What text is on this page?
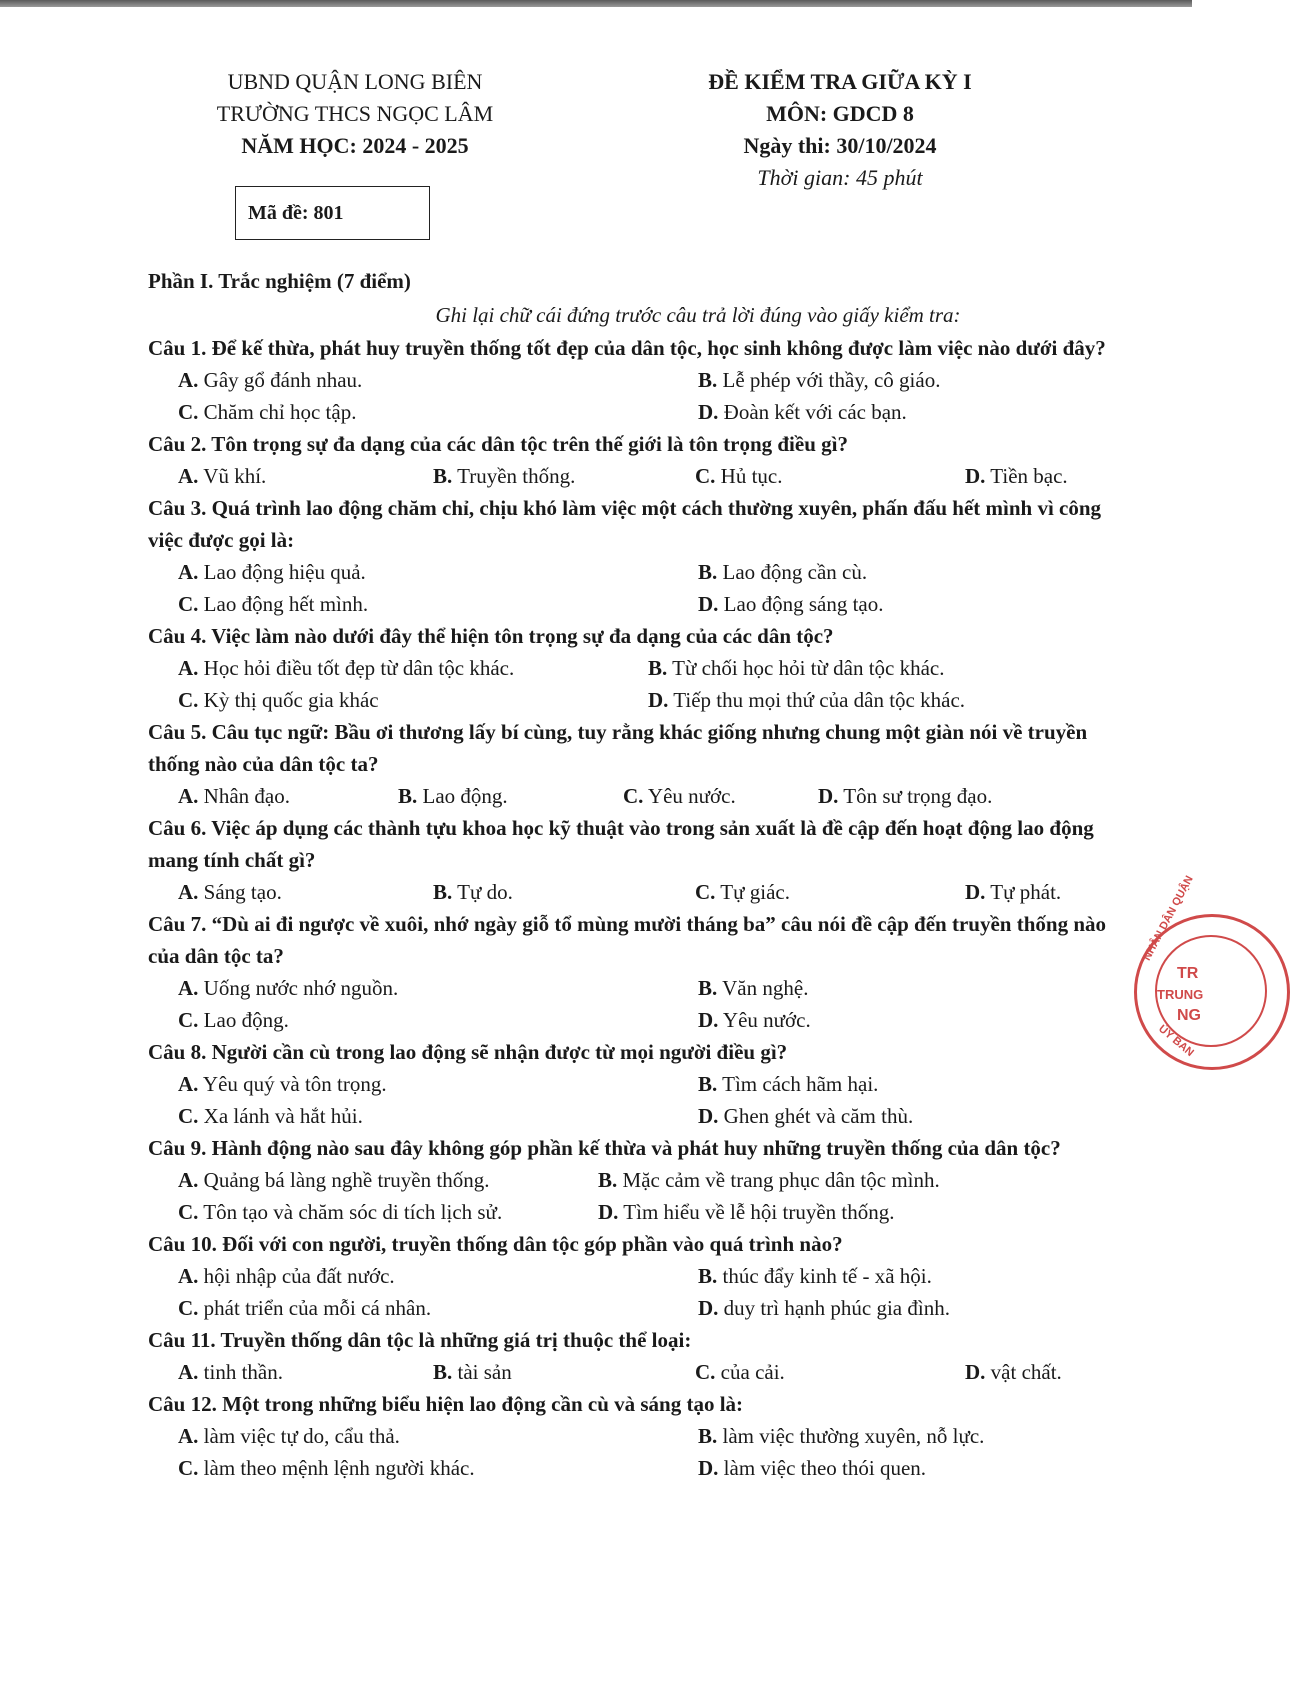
UBND QUẬN LONG BIÊN
TRƯỜNG THCS NGỌC LÂM
NĂM HỌC: 2024 - 2025
ĐỀ KIỂM TRA GIỮA KỲ I
MÔN: GDCD 8
Ngày thi: 30/10/2024
Thời gian: 45 phút
Mã đề: 801
Phần I. Trắc nghiệm (7 điểm)
Ghi lại chữ cái đứng trước câu trả lời đúng vào giấy kiểm tra:
Câu 1. Để kế thừa, phát huy truyền thống tốt đẹp của dân tộc, học sinh không được làm việc nào dưới đây?
A. Gây gổ đánh nhau.	B. Lễ phép với thầy, cô giáo.
C. Chăm chỉ học tập.	D. Đoàn kết với các bạn.
Câu 2. Tôn trọng sự đa dạng của các dân tộc trên thế giới là tôn trọng điều gì?
A. Vũ khí.	B. Truyền thống.	C. Hủ tục.	D. Tiền bạc.
Câu 3. Quá trình lao động chăm chỉ, chịu khó làm việc một cách thường xuyên, phấn đấu hết mình vì công việc được gọi là:
A. Lao động hiệu quả.	B. Lao động cần cù.
C. Lao động hết mình.	D. Lao động sáng tạo.
Câu 4. Việc làm nào dưới đây thể hiện tôn trọng sự đa dạng của các dân tộc?
A. Học hỏi điều tốt đẹp từ dân tộc khác.	B. Từ chối học hỏi từ dân tộc khác.
C. Kỳ thị quốc gia khác	D. Tiếp thu mọi thứ của dân tộc khác.
Câu 5. Câu tục ngữ: Bầu ơi thương lấy bí cùng, tuy rằng khác giống nhưng chung một giàn nói về truyền thống nào của dân tộc ta?
A. Nhân đạo.	B. Lao động.	C. Yêu nước.	D. Tôn sư trọng đạo.
Câu 6. Việc áp dụng các thành tựu khoa học kỹ thuật vào trong sản xuất là đề cập đến hoạt động lao động mang tính chất gì?
A. Sáng tạo.	B. Tự do.	C. Tự giác.	D. Tự phát.
Câu 7. “Dù ai đi ngược về xuôi, nhớ ngày giỗ tổ mùng mười tháng ba” câu nói đề cập đến truyền thống nào của dân tộc ta?
A. Uống nước nhớ nguồn.	B. Văn nghệ.
C. Lao động.	D. Yêu nước.
Câu 8. Người cần cù trong lao động sẽ nhận được từ mọi người điều gì?
A. Yêu quý và tôn trọng.	B. Tìm cách hãm hại.
C. Xa lánh và hắt hủi.	D. Ghen ghét và căm thù.
Câu 9. Hành động nào sau đây không góp phần kế thừa và phát huy những truyền thống của dân tộc?
A. Quảng bá làng nghề truyền thống.	B. Mặc cảm về trang phục dân tộc mình.
C. Tôn tạo và chăm sóc di tích lịch sử.	D. Tìm hiểu về lễ hội truyền thống.
Câu 10. Đối với con người, truyền thống dân tộc góp phần vào quá trình nào?
A. hội nhập của đất nước.	B. thúc đẩy kinh tế - xã hội.
C. phát triển của mỗi cá nhân.	D. duy trì hạnh phúc gia đình.
Câu 11. Truyền thống dân tộc là những giá trị thuộc thể loại:
A. tinh thần.	B. tài sản	C. của cải.	D. vật chất.
Câu 12. Một trong những biểu hiện lao động cần cù và sáng tạo là:
A. làm việc tự do, cẩu thả.	B. làm việc thường xuyên, nỗ lực.
C. làm theo mệnh lệnh người khác.	D. làm việc theo thói quen.
NHÂN DÂN QUẬN
ỦY BAN
TR
TRUNG
NG
